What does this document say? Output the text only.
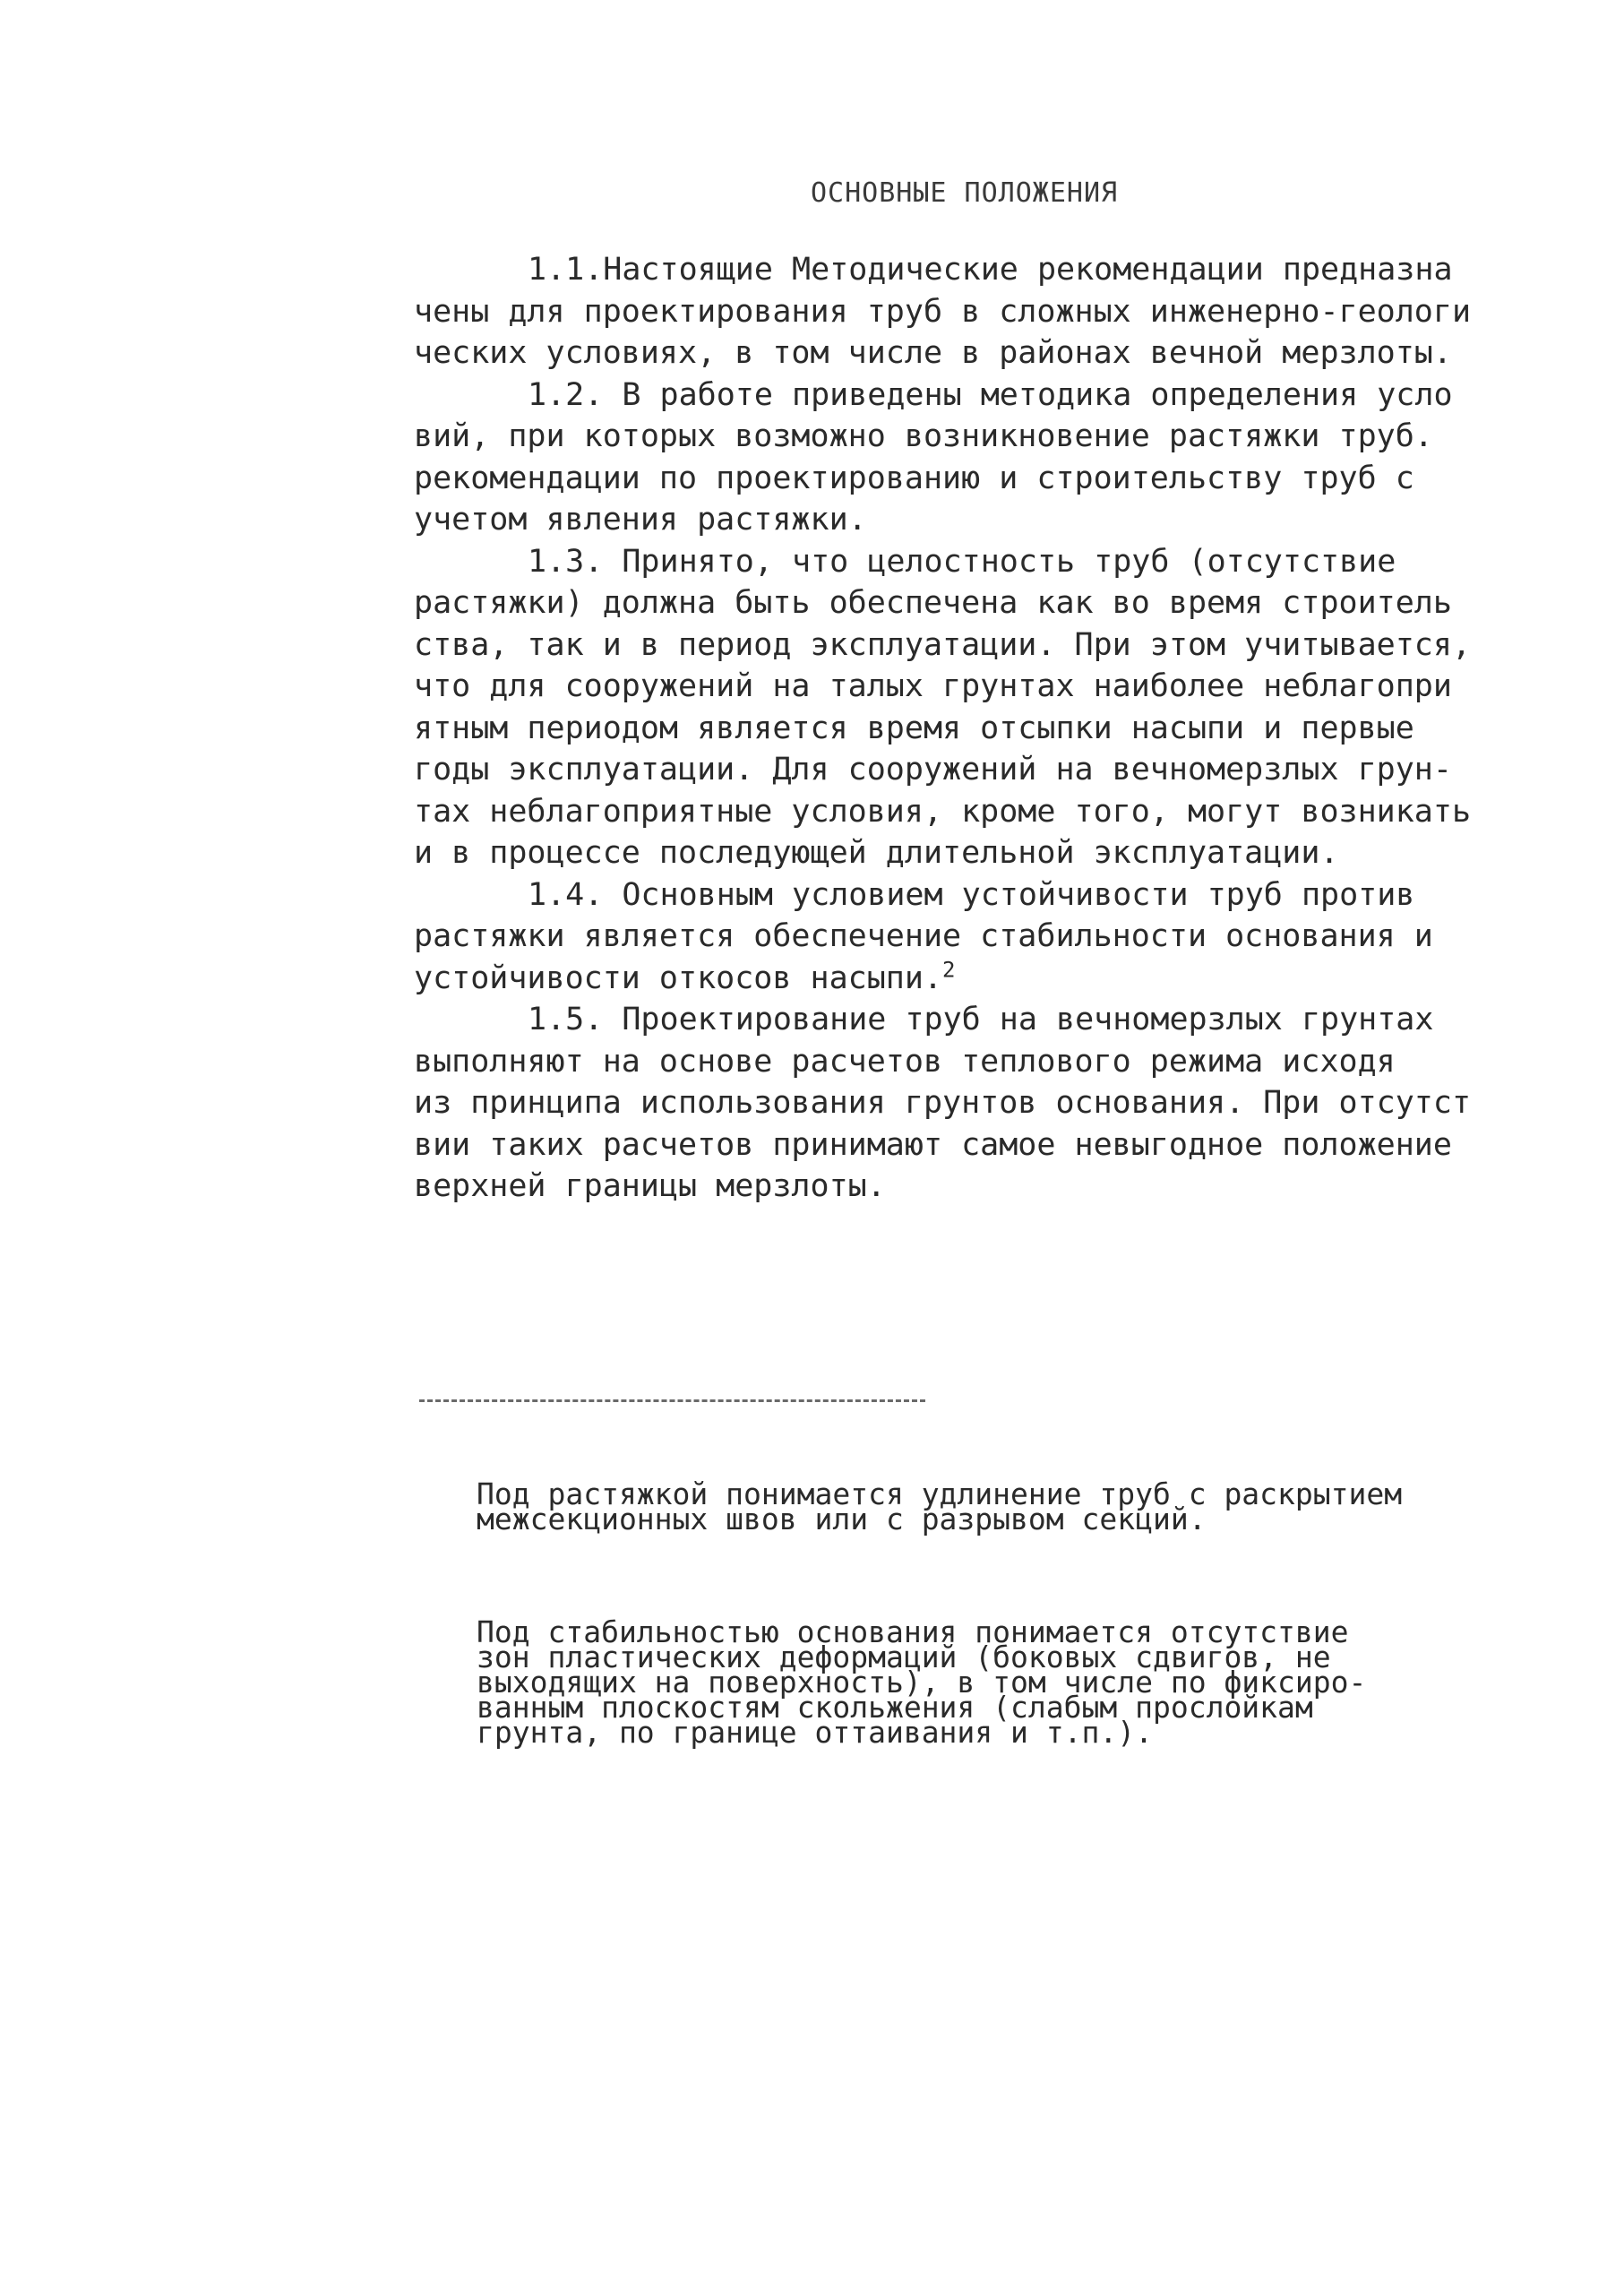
ОСНОВНЫЕ ПОЛОЖЕНИЯ
1.1.Настоящие Методические рекомендации предназна
чены для проектирования труб в сложных инженерно-геологи
ческих условиях, в том числе в районах вечной мерзлоты.
1.2. В работе приведены методика определения усло
вий, при которых возможно возникновение растяжки труб.
рекомендации по проектированию и строительству труб с
учетом явления растяжки.
1.3. Принято, что целостность труб (отсутствие
растяжки) должна быть обеспечена как во время строитель
ства, так и в период эксплуатации. При этом учитывается,
что для сооружений на талых грунтах наиболее неблагопри
ятным периодом является время отсыпки насыпи и первые
годы эксплуатации. Для сооружений на вечномерзлых грун-
тах неблагоприятные условия, кроме того, могут возникать
и в процессе последующей длительной эксплуатации.
1.4. Основным условием устойчивости труб против
растяжки является обеспечение стабильности основания и
устойчивости откосов насыпи.$^2$
1.5. Проектирование труб на вечномерзлых грунтах
выполняют на основе расчетов теплового режима исходя
из принципа использования грунтов основания. При отсутст
вии таких расчетов принимают самое невыгодное положение
верхней границы мерзлоты.
Под растяжкой понимается удлинение труб с раскрытием
межсекционных швов или с разрывом секций.
Под стабильностью основания понимается отсутствие
зон пластических деформаций (боковых сдвигов, не
выходящих на поверхность), в том числе по фиксиро-
ванным плоскостям скольжения (слабым прослойкам
грунта, по границе оттаивания и т.п.).
